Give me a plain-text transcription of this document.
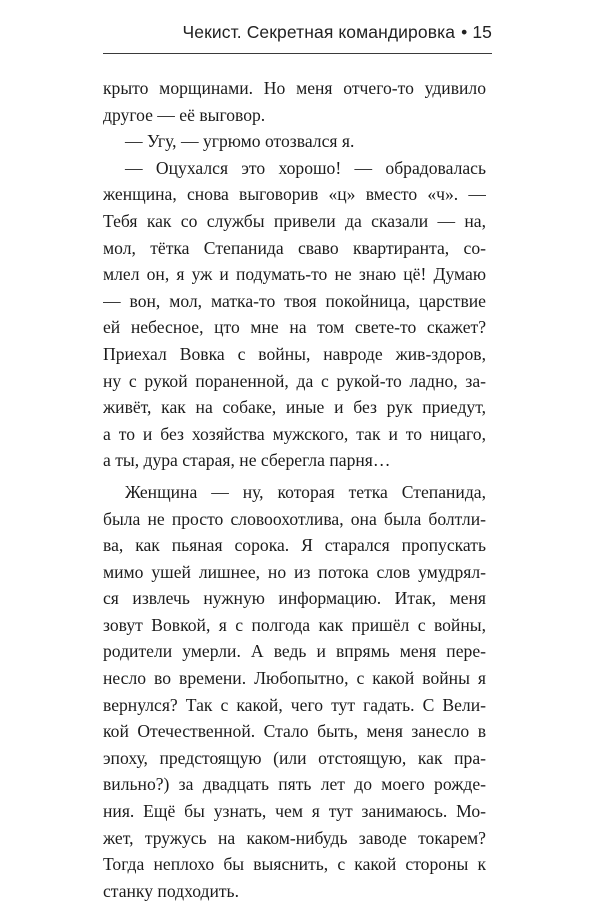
Чекист. Секретная командировка • 15
крыто морщинами. Но меня отчего-то удивило
другое — её выговор.
— Угу, — угрюмо отозвался я.
— Оцухался это хорошо! — обрадовалась
женщина, снова выговорив «ц» вместо «ч». —
Тебя как со службы привели да сказали — на,
мол, тётка Степанида сваво квартиранта, со-
млел он, я уж и подумать-то не знаю цё! Думаю
— вон, мол, матка-то твоя покойница, царствие
ей небесное, цто мне на том свете-то скажет?
Приехал Вовка с войны, навроде жив-здоров,
ну с рукой пораненной, да с рукой-то ладно, за-
живёт, как на собаке, иные и без рук приедут,
а то и без хозяйства мужского, так и то ницаго,
а ты, дура старая, не сберегла парня…
Женщина — ну, которая тетка Степанида,
была не просто словоохотлива, она была болтли-
ва, как пьяная сорока. Я старался пропускать
мимо ушей лишнее, но из потока слов умудрял-
ся извлечь нужную информацию. Итак, меня
зовут Вовкой, я с полгода как пришёл с войны,
родители умерли. А ведь и впрямь меня пере-
несло во времени. Любопытно, с какой войны я
вернулся? Так с какой, чего тут гадать. С Вели-
кой Отечественной. Стало быть, меня занесло в
эпоху, предстоящую (или отстоящую, как пра-
вильно?) за двадцать пять лет до моего рожде-
ния. Ещё бы узнать, чем я тут занимаюсь. Мо-
жет, тружусь на каком-нибудь заводе токарем?
Тогда неплохо бы выяснить, с какой стороны к
станку подходить.
